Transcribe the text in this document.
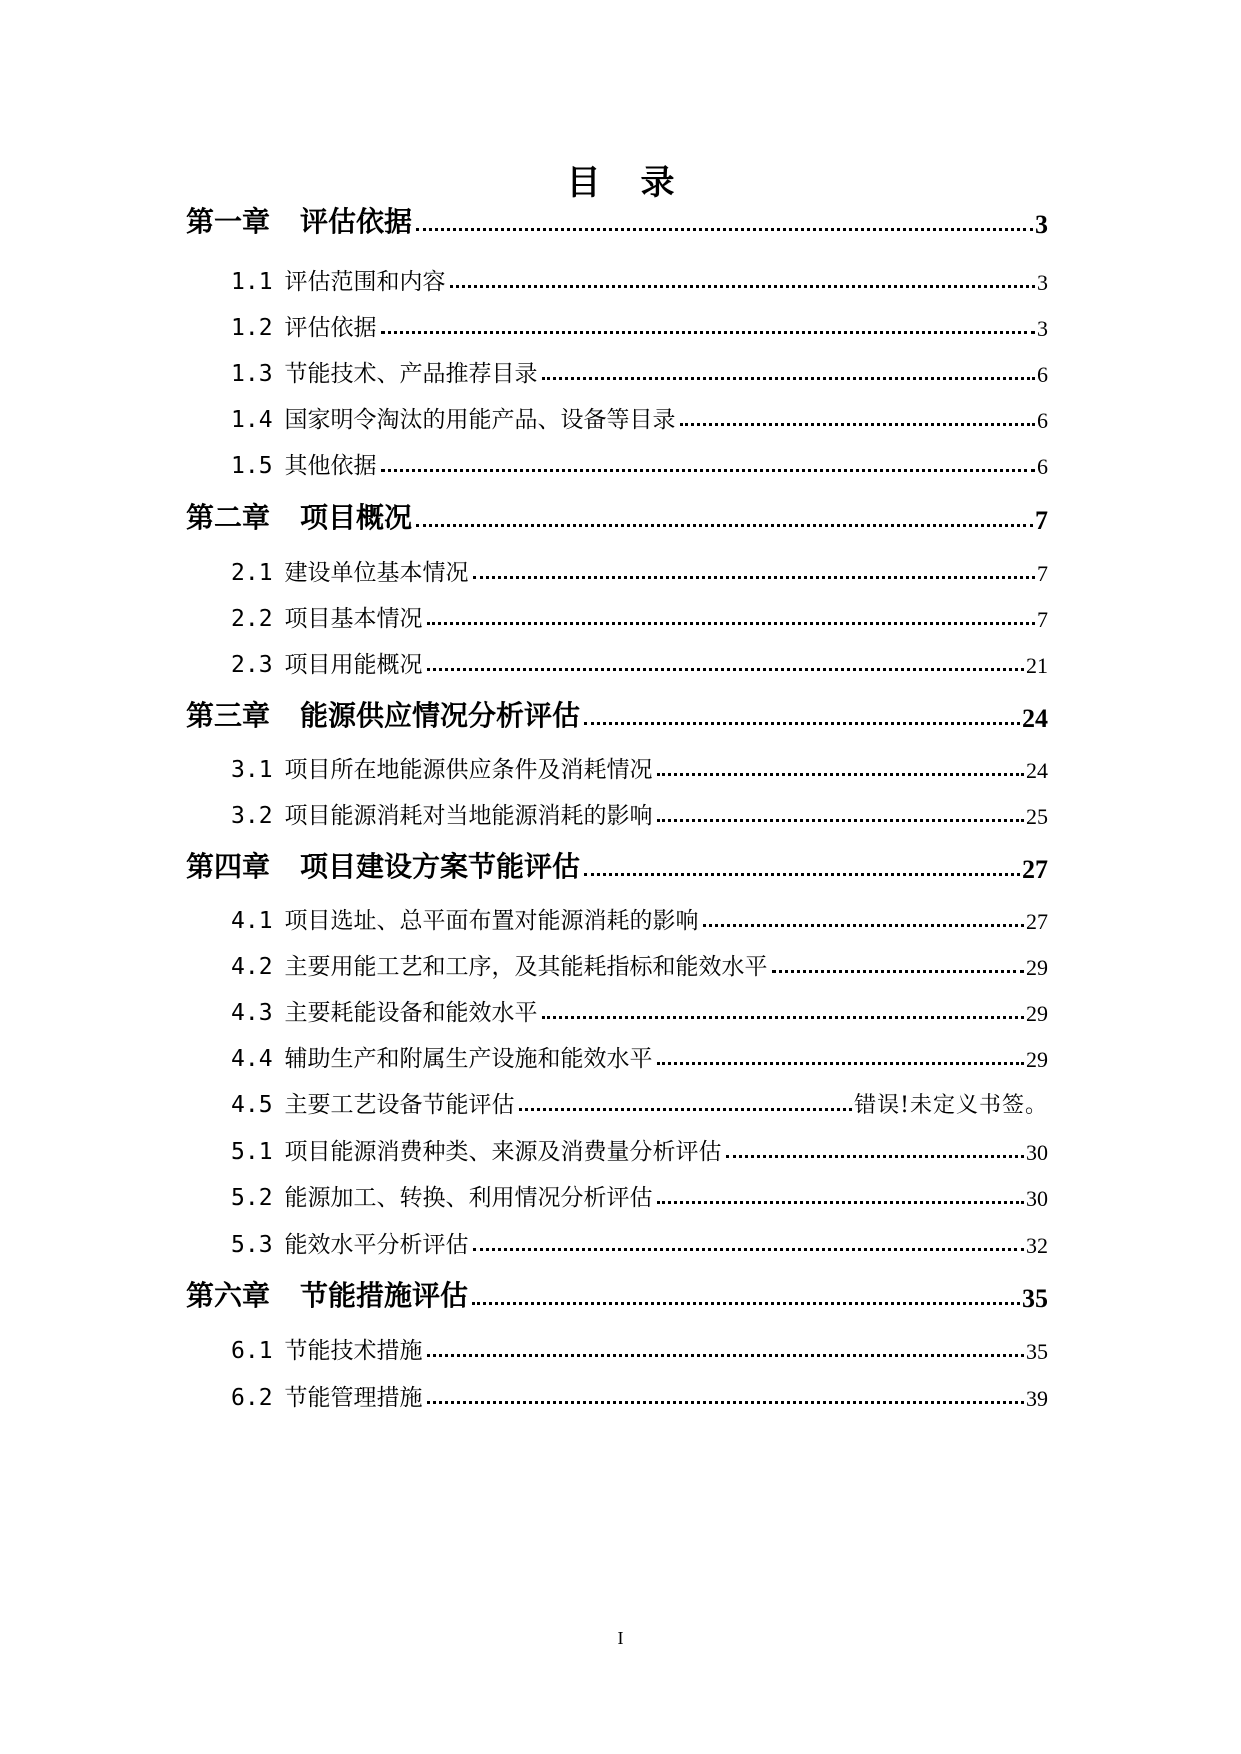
目 录
第一章 评估依据	3
1.1 评估范围和内容	3
1.2 评估依据	3
1.3 节能技术、产品推荐目录	6
1.4 国家明令淘汰的用能产品、设备等目录	6
1.5 其他依据	6
第二章 项目概况	7
2.1 建设单位基本情况	7
2.2 项目基本情况	7
2.3 项目用能概况	21
第三章 能源供应情况分析评估	24
3.1 项目所在地能源供应条件及消耗情况	24
3.2 项目能源消耗对当地能源消耗的影响	25
第四章 项目建设方案节能评估	27
4.1 项目选址、总平面布置对能源消耗的影响	27
4.2 主要用能工艺和工序，及其能耗指标和能效水平	29
4.3 主要耗能设备和能效水平	29
4.4 辅助生产和附属生产设施和能效水平	29
4.5 主要工艺设备节能评估	错误!未定义书签。
5.1 项目能源消费种类、来源及消费量分析评估	30
5.2 能源加工、转换、利用情况分析评估	30
5.3 能效水平分析评估	32
第六章 节能措施评估	35
6.1 节能技术措施	35
6.2 节能管理措施	39
I
